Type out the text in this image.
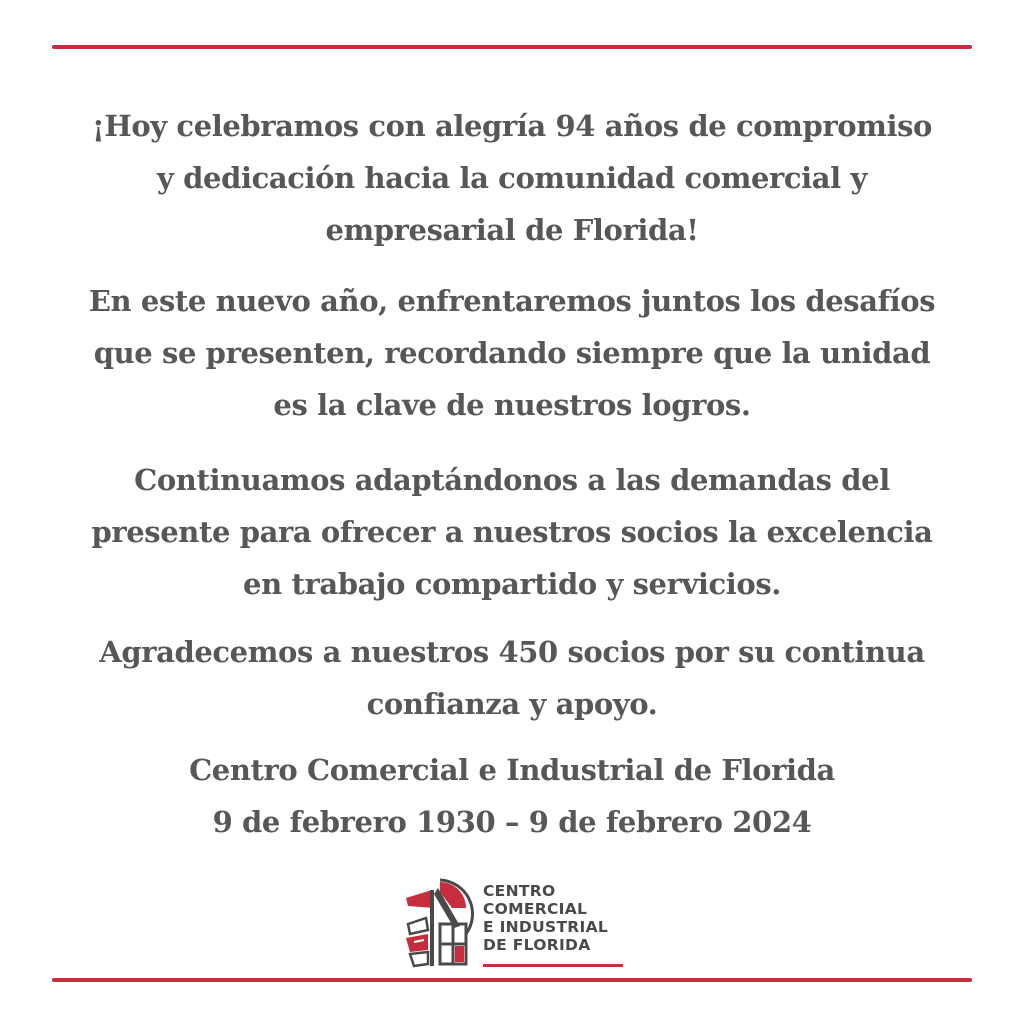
¡Hoy celebramos con alegría 94 años de compromiso
y dedicación hacia la comunidad comercial y
empresarial de Florida!

En este nuevo año, enfrentaremos juntos los desafíos
que se presenten, recordando siempre que la unidad
es la clave de nuestros logros.

Continuamos adaptándonos a las demandas del
presente para ofrecer a nuestros socios la excelencia
en trabajo compartido y servicios.

Agradecemos a nuestros 450 socios por su continua
confianza y apoyo.

Centro Comercial e Industrial de Florida
9 de febrero 1930 – 9 de febrero 2024

CENTRO
COMERCIAL
E INDUSTRIAL
DE FLORIDA
